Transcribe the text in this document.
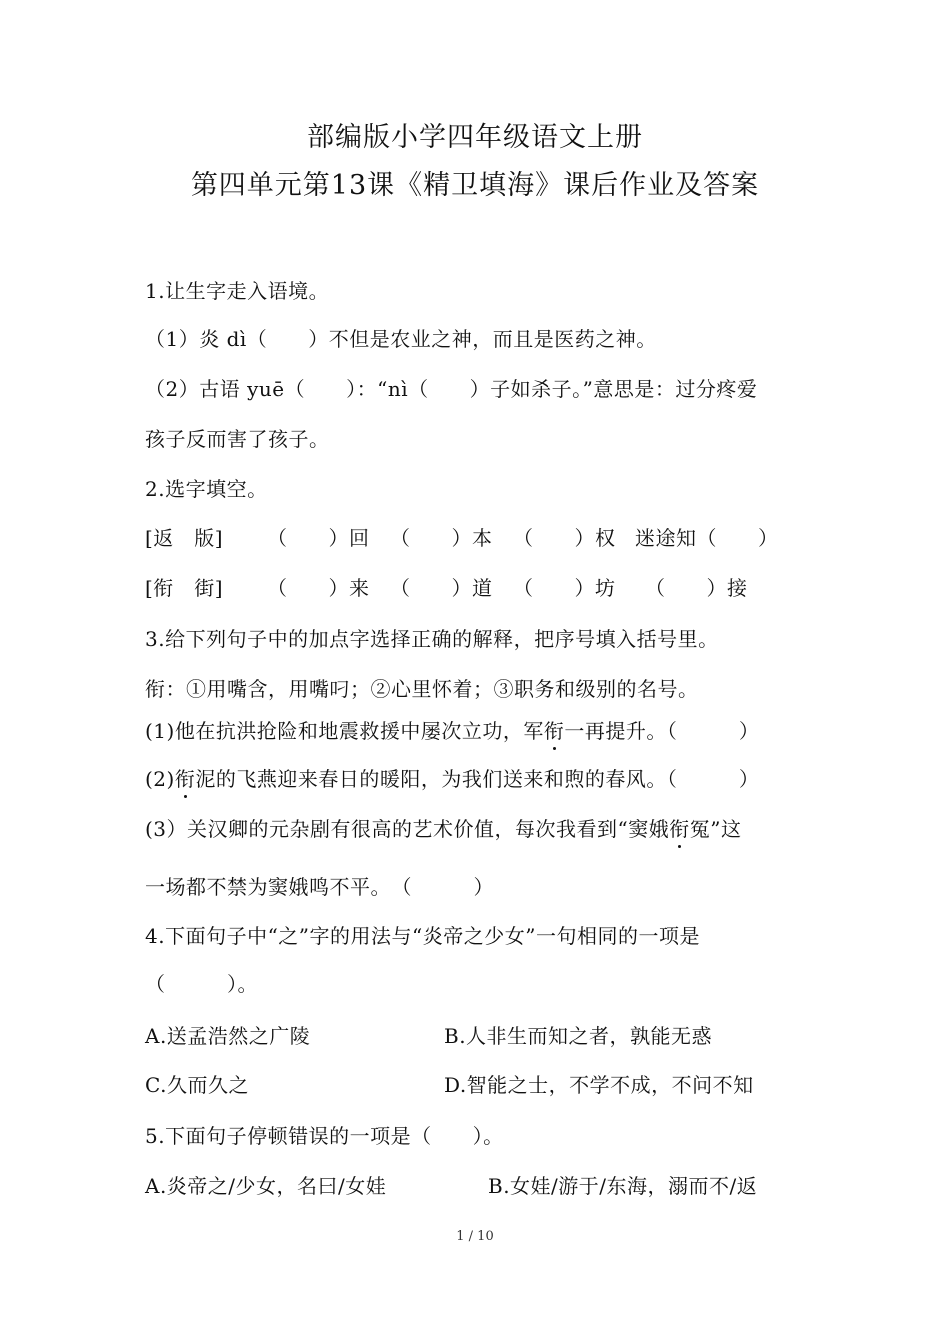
部编版小学四年级语文上册
第四单元第13课《精卫填海》课后作业及答案
1.让生字走入语境。
（1）炎 dì（　　）不但是农业之神，而且是医药之神。
（2）古语 yuē（　　）：“nì（　　）子如杀子。”意思是：过分疼爱
孩子反而害了孩子。
2.选字填空。
[返　版] （　　）回 （　　）本 （　　）权 迷途知（　　）
[衔　街] （　　）来 （　　）道 （　　）坊 （　　）接
3.给下列句子中的加点字选择正确的解释，把序号填入括号里。
衔：①用嘴含，用嘴叼；②心里怀着；③职务和级别的名号。
(1)他在抗洪抢险和地震救援中屡次立功，军衔一再提升。（　　　）
(2)衔泥的飞燕迎来春日的暖阳，为我们送来和煦的春风。（　　　）
(3）关汉卿的元杂剧有很高的艺术价值，每次我看到“窦娥衔冤”这
一场都不禁为窦娥鸣不平。　（　　　）
4.下面句子中“之”字的用法与“炎帝之少女”一句相同的一项是
（　　　）。
A.送孟浩然之广陵	B.人非生而知之者，孰能无惑
C.久而久之	D.智能之士，不学不成，不问不知
5.下面句子停顿错误的一项是（　　）。
A.炎帝之/少女，名曰/女娃	B.女娃/游于/东海，溺而不/返
1 / 10
